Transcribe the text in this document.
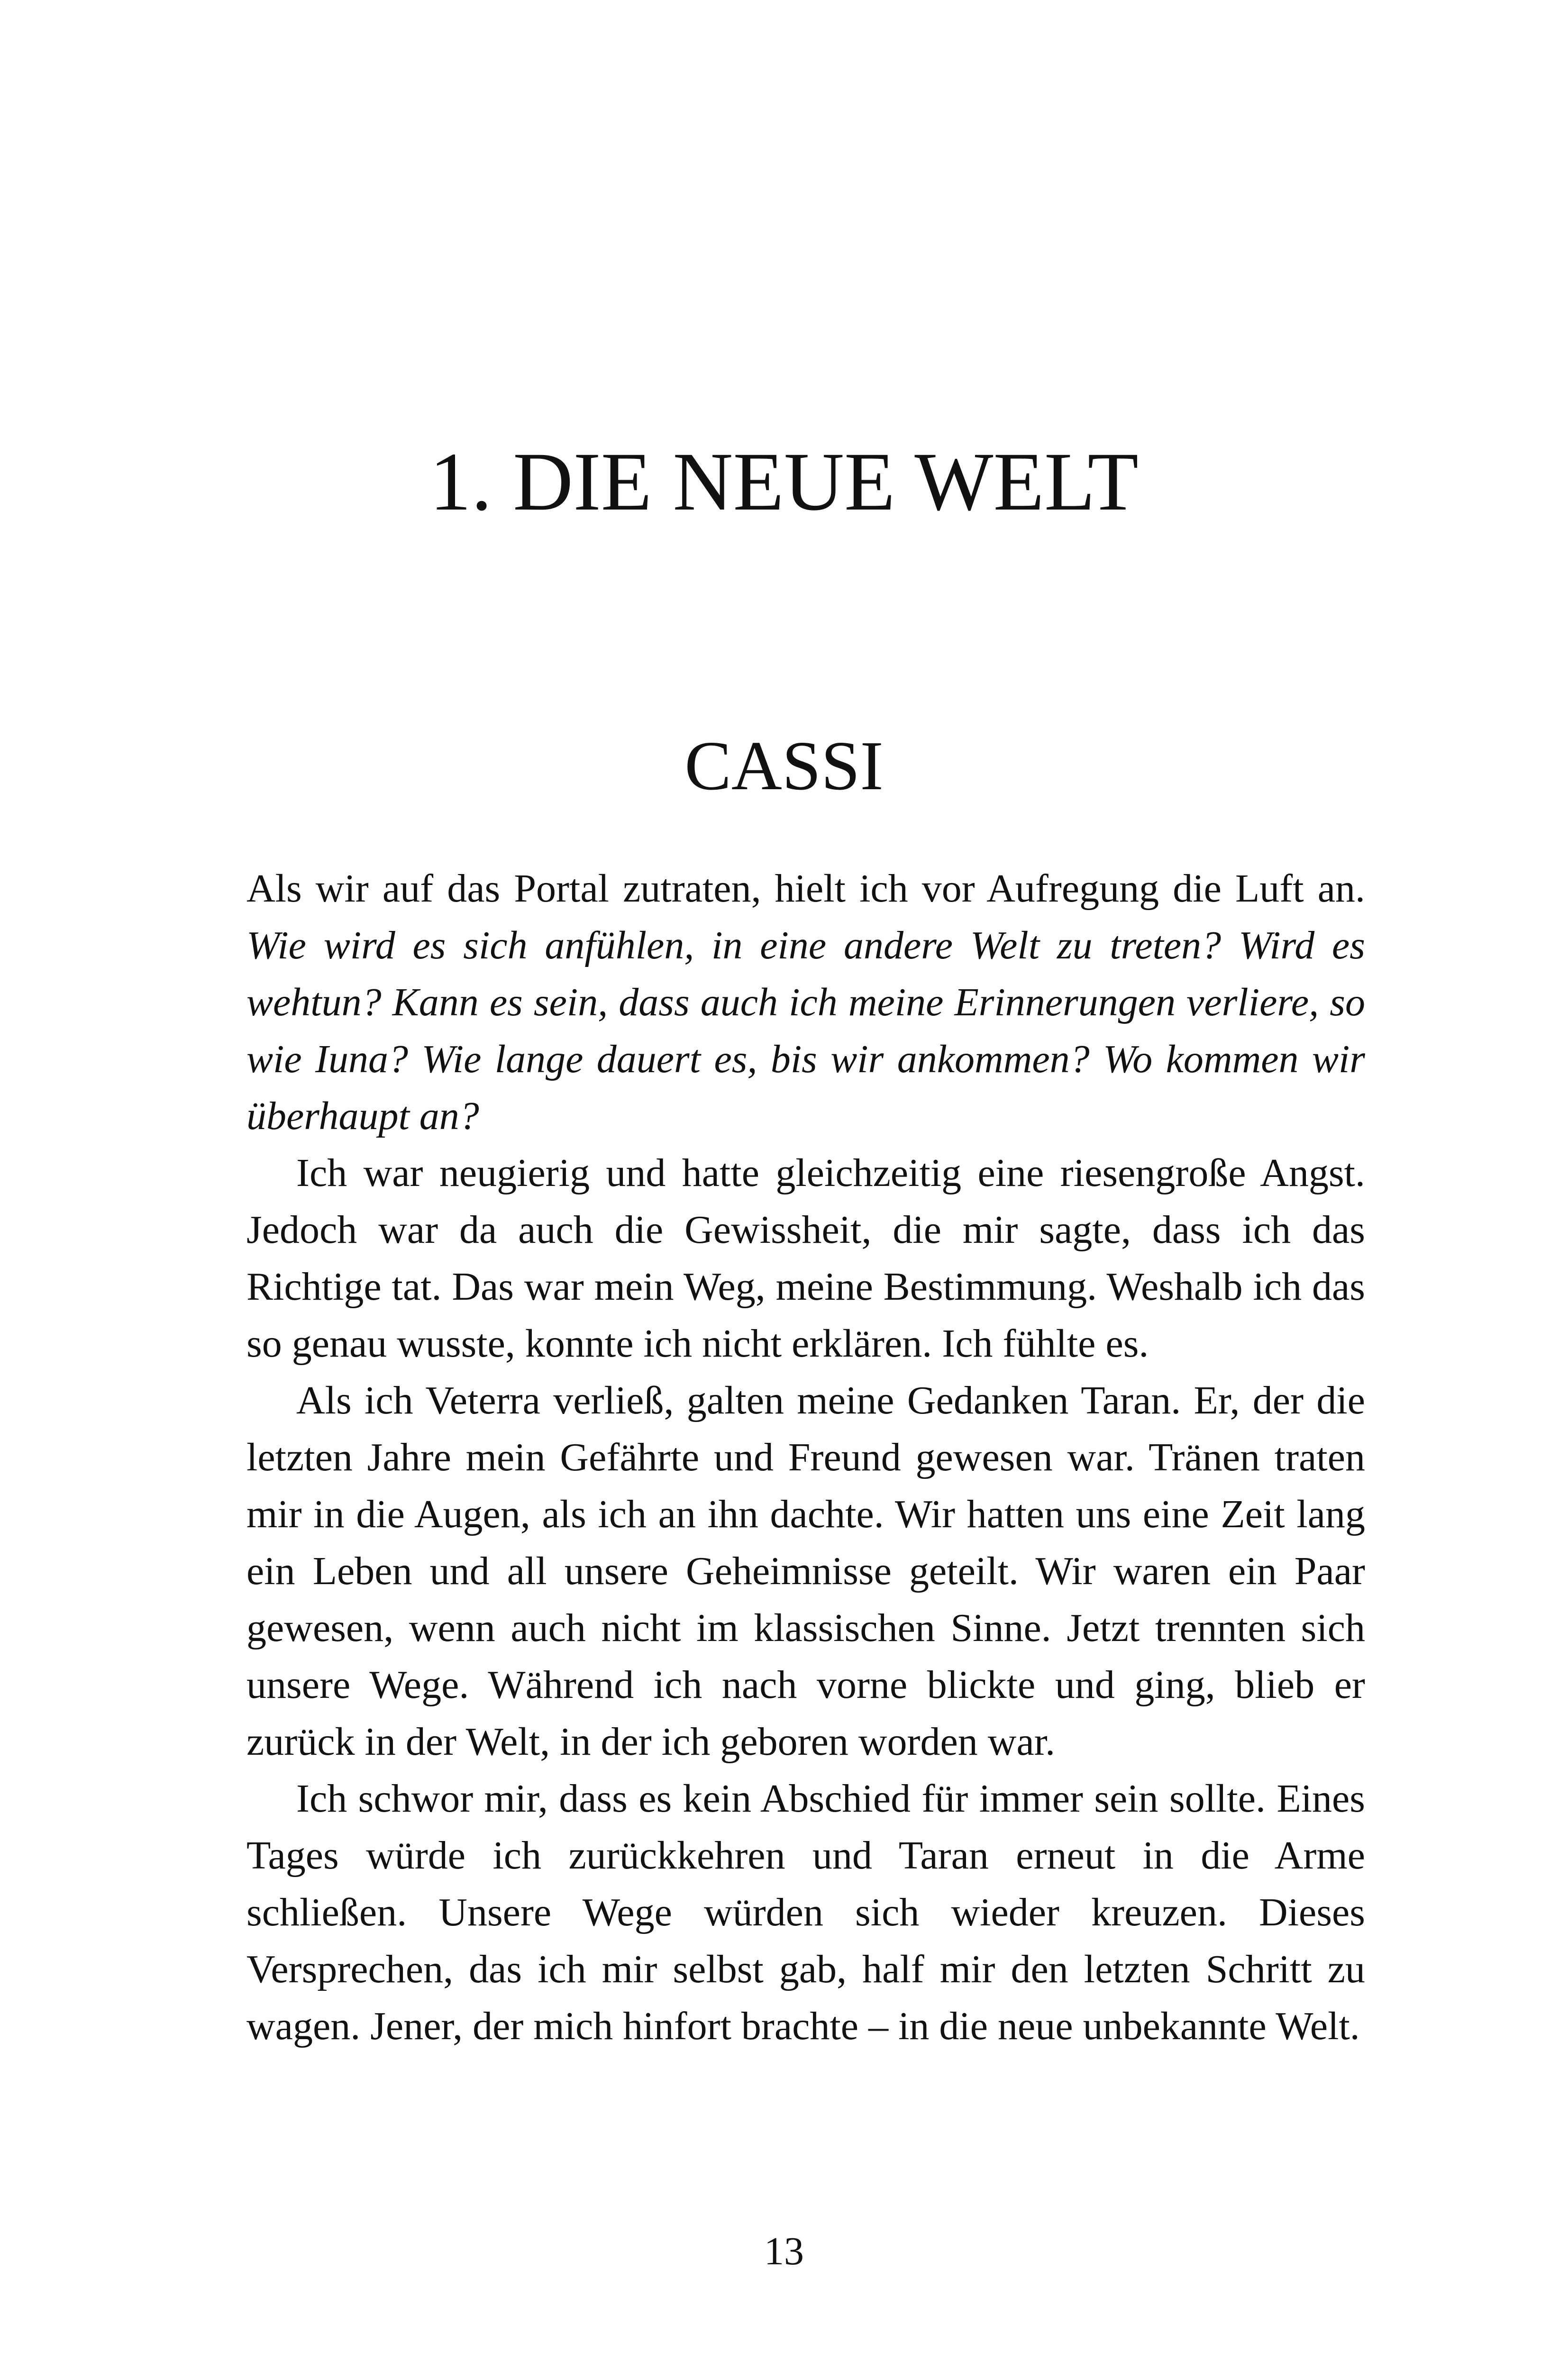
1. DIE NEUE WELT
CASSI

Als wir auf das Portal zutraten, hielt ich vor Aufregung die Luft an. Wie wird es sich anfühlen, in eine andere Welt zu treten? Wird es wehtun? Kann es sein, dass auch ich meine Erinnerungen verliere, so wie Iuna? Wie lange dauert es, bis wir ankommen? Wo kommen wir überhaupt an?

Ich war neugierig und hatte gleichzeitig eine riesengroße Angst. Jedoch war da auch die Gewissheit, die mir sagte, dass ich das Richtige tat. Das war mein Weg, meine Bestimmung. Weshalb ich das so genau wusste, konnte ich nicht erklären. Ich fühlte es.

Als ich Veterra verließ, galten meine Gedanken Taran. Er, der die letzten Jahre mein Gefährte und Freund gewesen war. Tränen traten mir in die Augen, als ich an ihn dachte. Wir hatten uns eine Zeit lang ein Leben und all unsere Geheimnisse geteilt. Wir waren ein Paar gewesen, wenn auch nicht im klassischen Sinne. Jetzt trennten sich unsere Wege. Während ich nach vorne blickte und ging, blieb er zurück in der Welt, in der ich geboren worden war.

Ich schwor mir, dass es kein Abschied für immer sein sollte. Eines Tages würde ich zurückkehren und Taran erneut in die Arme schließen. Unsere Wege würden sich wieder kreuzen. Dieses Versprechen, das ich mir selbst gab, half mir den letzten Schritt zu wagen. Jener, der mich hinfort brachte – in die neue unbekannte Welt.

13
